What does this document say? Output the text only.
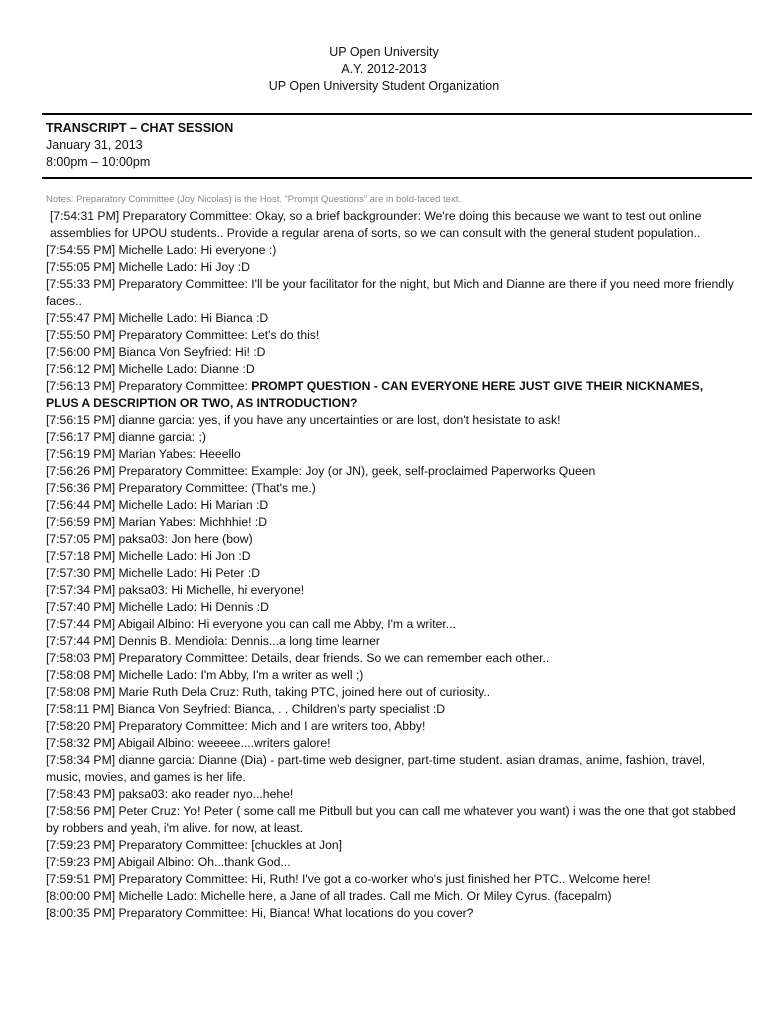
UP Open University
A.Y. 2012-2013
UP Open University Student Organization
TRANSCRIPT – CHAT SESSION
January 31, 2013
8:00pm – 10:00pm
Notes: Preparatory Committee (Joy Nicolas) is the Host. “Prompt Questions” are in bold-faced text.

[7:54:31 PM] Preparatory Committee: Okay, so a brief backgrounder: We're doing this because we want to test out online assemblies for UPOU students.. Provide a regular arena of sorts, so we can consult with the general student population..

[7:54:55 PM] Michelle Lado: Hi everyone :)

[7:55:05 PM] Michelle Lado: Hi Joy :D

[7:55:33 PM] Preparatory Committee: I'll be your facilitator for the night, but Mich and Dianne are there if you need more friendly faces..

[7:55:47 PM] Michelle Lado: Hi Bianca :D

[7:55:50 PM] Preparatory Committee: Let's do this!

[7:56:00 PM] Bianca Von Seyfried: Hi! :D

[7:56:12 PM] Michelle Lado: Dianne :D

[7:56:13 PM] Preparatory Committee: PROMPT QUESTION - CAN EVERYONE HERE JUST GIVE THEIR NICKNAMES, PLUS A DESCRIPTION OR TWO, AS INTRODUCTION?

[7:56:15 PM] dianne garcia: yes, if you have any uncertainties or are lost, don't hesistate to ask!

[7:56:17 PM] dianne garcia: ;)

[7:56:19 PM] Marian Yabes: Heeello

[7:56:26 PM] Preparatory Committee: Example: Joy (or JN), geek, self-proclaimed Paperworks Queen

[7:56:36 PM] Preparatory Committee: (That's me.)

[7:56:44 PM] Michelle Lado: Hi Marian :D

[7:56:59 PM] Marian Yabes: Michhhie! :D

[7:57:05 PM] paksa03: Jon here (bow)

[7:57:18 PM] Michelle Lado: Hi Jon :D

[7:57:30 PM] Michelle Lado: Hi Peter :D

[7:57:34 PM] paksa03: Hi Michelle, hi everyone!

[7:57:40 PM] Michelle Lado: Hi Dennis :D

[7:57:44 PM] Abigail Albino: Hi everyone you can call me Abby, I'm a writer...

[7:57:44 PM] Dennis B. Mendiola: Dennis...a long time learner

[7:58:03 PM] Preparatory Committee: Details, dear friends. So we can remember each other..

[7:58:08 PM] Michelle Lado: I'm Abby, I'm a writer as well ;)

[7:58:08 PM] Marie Ruth Dela Cruz: Ruth, taking PTC, joined here out of curiosity..

[7:58:11 PM] Bianca Von Seyfried: Bianca, . . Children's party specialist :D

[7:58:20 PM] Preparatory Committee: Mich and I are writers too, Abby!

[7:58:32 PM] Abigail Albino: weeeee....writers galore!

[7:58:34 PM] dianne garcia: Dianne (Dia) - part-time web designer, part-time student. asian dramas, anime, fashion, travel, music, movies, and games is her life.

[7:58:43 PM] paksa03: ako reader nyo...hehe!

[7:58:56 PM] Peter Cruz: Yo! Peter ( some call me Pitbull but you can call me whatever you want) i was the one that got stabbed by robbers and yeah, i'm alive. for now, at least.

[7:59:23 PM] Preparatory Committee: [chuckles at Jon]

[7:59:23 PM] Abigail Albino: Oh...thank God...

[7:59:51 PM] Preparatory Committee: Hi, Ruth! I've got a co-worker who's just finished her PTC.. Welcome here!

[8:00:00 PM] Michelle Lado: Michelle here, a Jane of all trades. Call me Mich. Or Miley Cyrus. (facepalm)

[8:00:35 PM] Preparatory Committee: Hi, Bianca! What locations do you cover?
